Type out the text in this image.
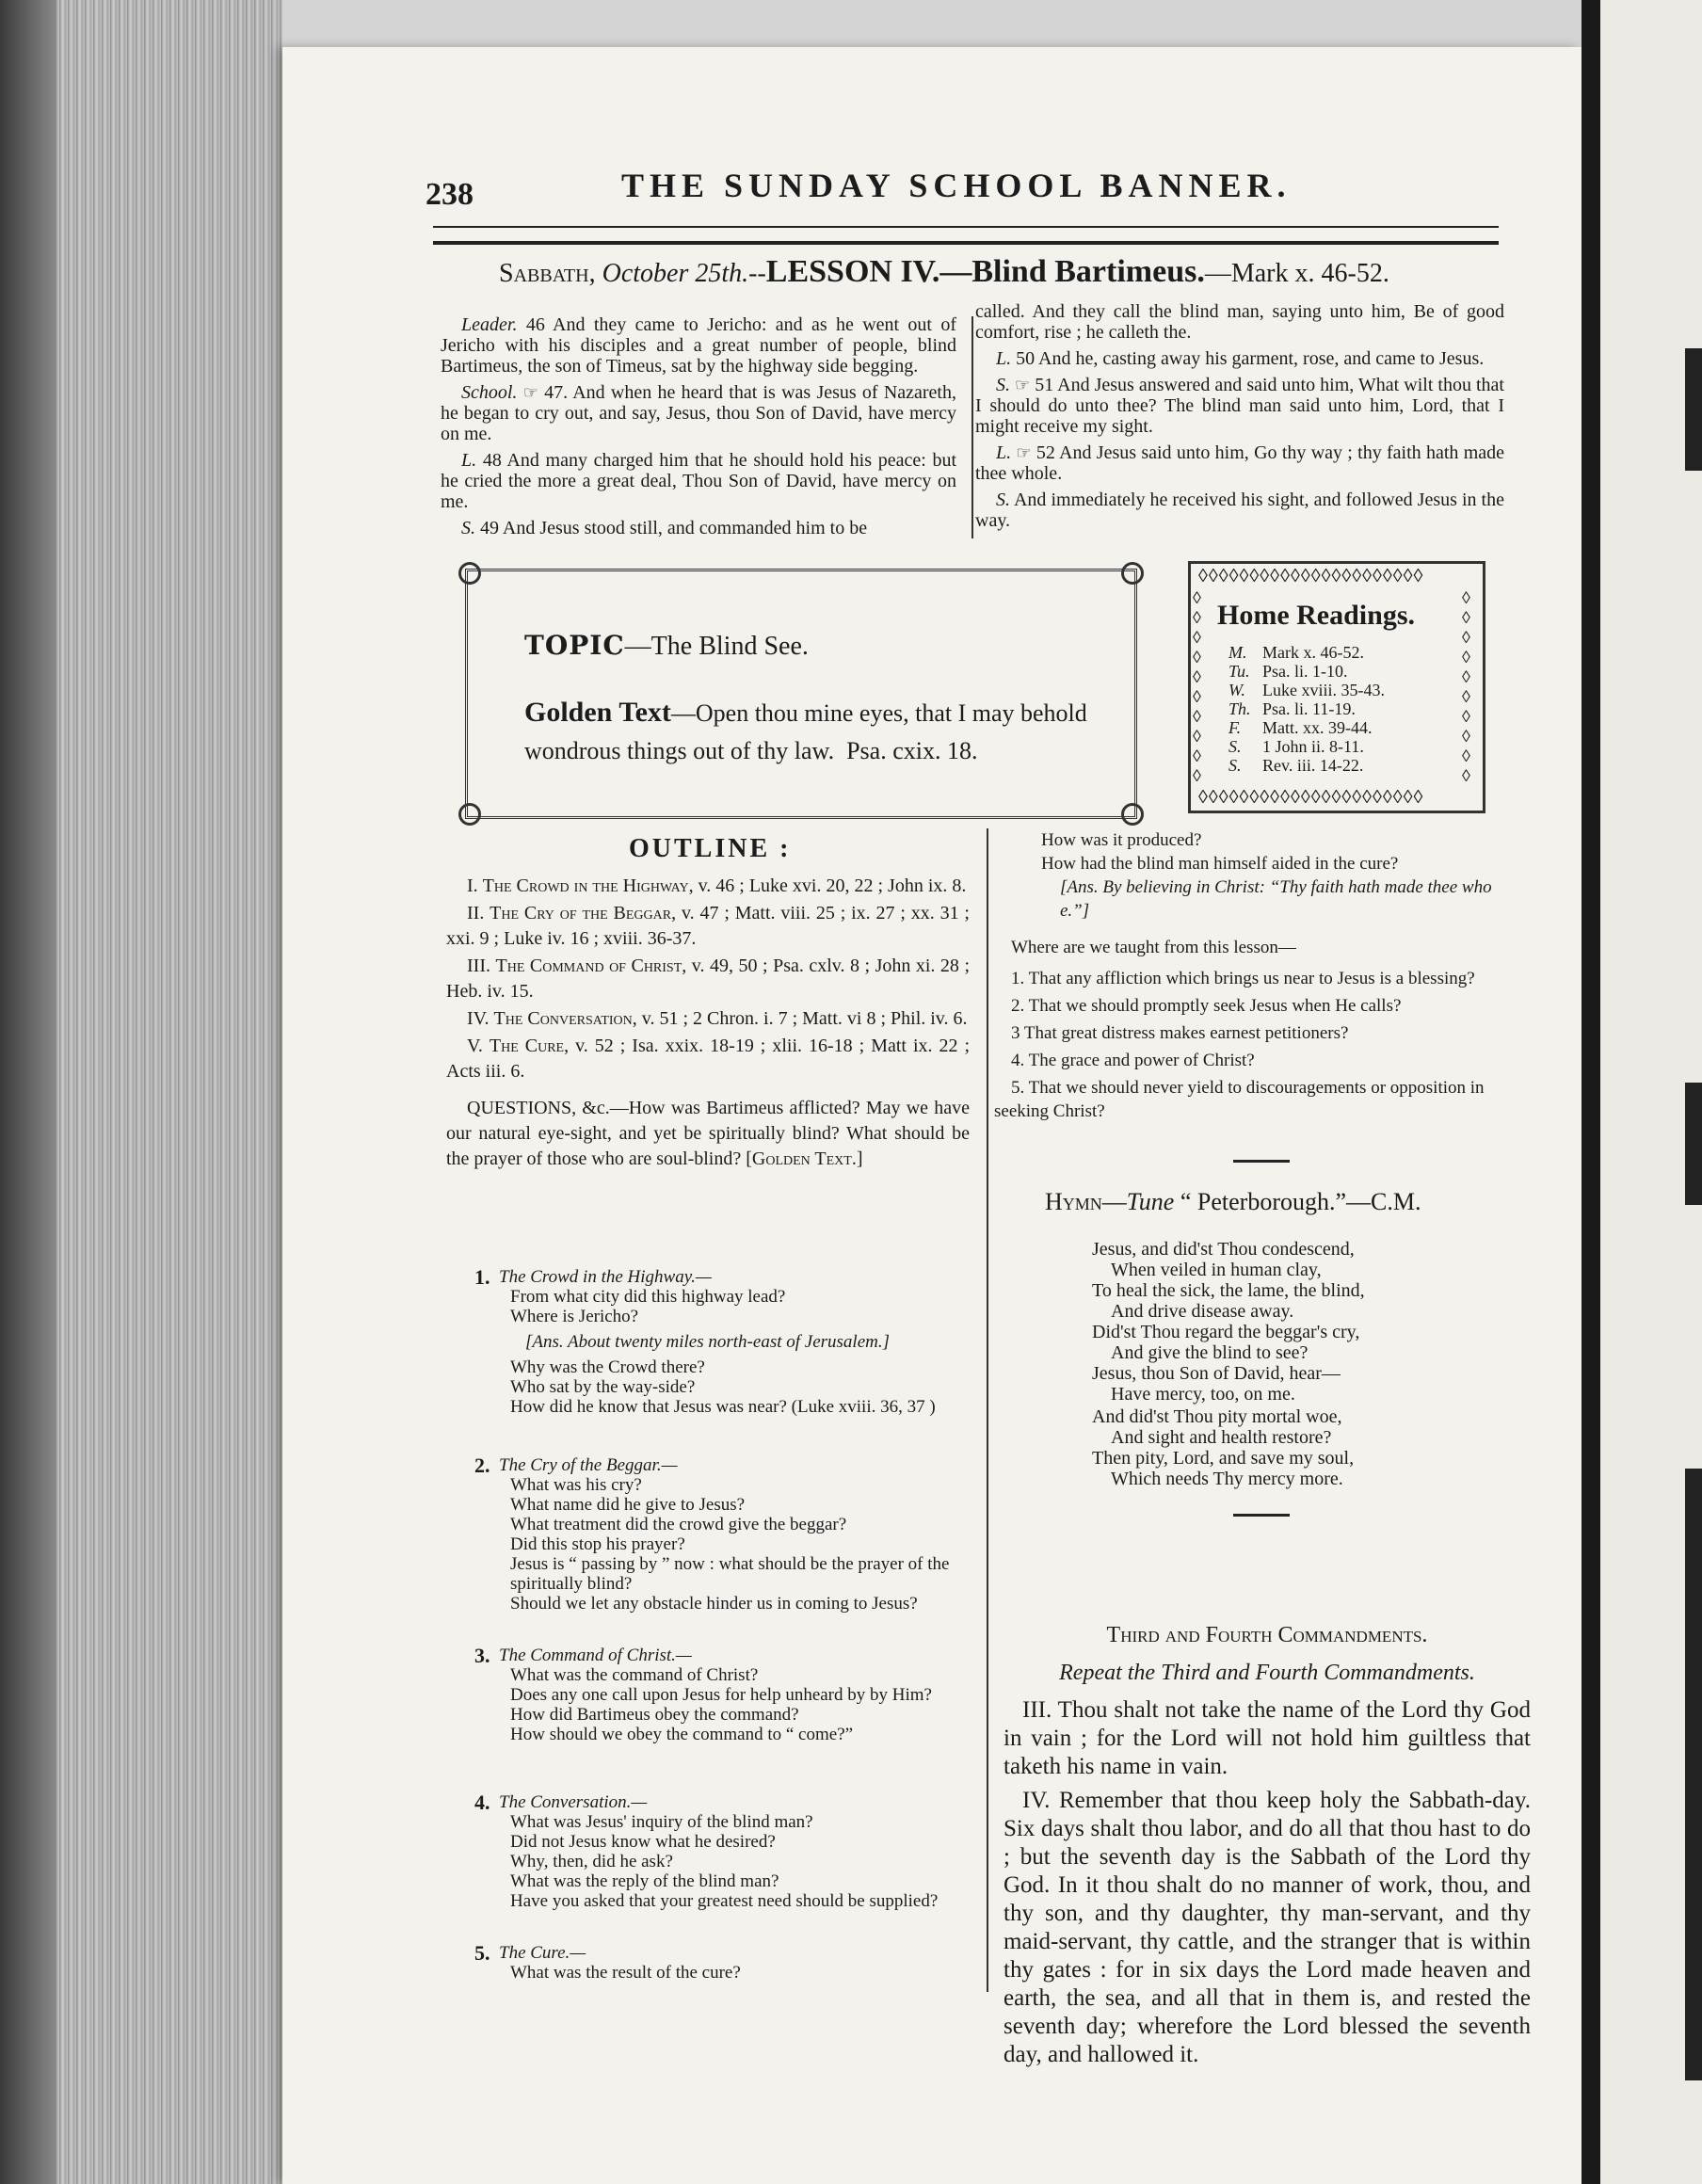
238	THE SUNDAY SCHOOL BANNER.
Sabbath, October 25th.--LESSON IV.—Blind Bartimeus.—Mark x. 46-52.

Leader. 46 And they came to Jericho: and as he went out of Jericho with his disciples and a great number of people, blind Bartimeus, the son of Timeus, sat by the highway side begging.

School. ☞ 47. And when he heard that is was Jesus of Nazareth, he began to cry out, and say, Jesus, thou Son of David, have mercy on me.

L. 48 And many charged him that he should hold his peace: but he cried the more a great deal, Thou Son of David, have mercy on me.

S. 49 And Jesus stood still, and commanded him to be

called. And they call the blind man, saying unto him, Be of good comfort, rise ; he calleth the.

L. 50 And he, casting away his garment, rose, and came to Jesus.

S. ☞ 51 And Jesus answered and said unto him, What wilt thou that I should do unto thee? The blind man said unto him, Lord, that I might receive my sight.

L. ☞ 52 And Jesus said unto him, Go thy way ; thy faith hath made thee whole.

S. And immediately he received his sight, and followed Jesus in the way.

TOPIC—The Blind See.
Golden Text—Open thou mine eyes, that I may behold wondrous things out of thy law. Psa. cxix. 18.
◊◊◊◊◊◊◊◊◊◊◊◊◊◊◊◊◊◊◊◊◊◊
◊
◊
◊
◊
◊
◊
◊
◊
◊
◊
◊
◊
◊
◊
◊
◊
◊
◊
◊
◊
Home Readings.
M. Mark x. 46-52.
Tu. Psa. li. 1-10.
W. Luke xviii. 35-43.
Th. Psa. li. 11-19.
F. Matt. xx. 39-44.
S. 1 John ii. 8-11.
S. Rev. iii. 14-22.
◊◊◊◊◊◊◊◊◊◊◊◊◊◊◊◊◊◊◊◊◊◊
OUTLINE :

I. The Crowd in the Highway, v. 46 ; Luke xvi. 20, 22 ; John ix. 8.

II. The Cry of the Beggar, v. 47 ; Matt. viii. 25 ; ix. 27 ; xx. 31 ; xxi. 9 ; Luke iv. 16 ; xviii. 36-37.

III. The Command of Christ, v. 49, 50 ; Psa. cxlv. 8 ; John xi. 28 ; Heb. iv. 15.

IV. The Conversation, v. 51 ; 2 Chron. i. 7 ; Matt. vi 8 ; Phil. iv. 6.

V. The Cure, v. 52 ; Isa. xxix. 18-19 ; xlii. 16-18 ; Matt ix. 22 ; Acts iii. 6.

QUESTIONS, &c.—How was Bartimeus afflicted? May we have our natural eye-sight, and yet be spiritually blind? What should be the prayer of those who are soul-blind? [Golden Text.]

1. The Crowd in the Highway.—
From what city did this highway lead?
Where is Jericho?
[Ans. About twenty miles north-east of Jerusalem.]
Why was the Crowd there?
Who sat by the way-side?
How did he know that Jesus was near? (Luke xviii. 36, 37 )
2. The Cry of the Beggar.—
What was his cry?
What name did he give to Jesus?
What treatment did the crowd give the beggar?
Did this stop his prayer?
Jesus is “ passing by ” now : what should be the prayer of the spiritually blind?
Should we let any obstacle hinder us in coming to Jesus?
3. The Command of Christ.—
What was the command of Christ?
Does any one call upon Jesus for help unheard by by Him?
How did Bartimeus obey the command?
How should we obey the command to “ come?”
4. The Conversation.—
What was Jesus' inquiry of the blind man?
Did not Jesus know what he desired?
Why, then, did he ask?
What was the reply of the blind man?
Have you asked that your greatest need should be supplied?
5. The Cure.—
What was the result of the cure?
How was it produced?
How had the blind man himself aided in the cure?
[Ans. By believing in Christ: “Thy faith hath made thee who e.”]
Where are we taught from this lesson—
1. That any affliction which brings us near to Jesus is a blessing?
2. That we should promptly seek Jesus when He calls?
3 That great distress makes earnest petitioners?
4. The grace and power of Christ?
5. That we should never yield to discouragements or opposition in seeking Christ?
Hymn—Tune “ Peterborough.”—C.M.
Jesus, and did'st Thou condescend,
When veiled in human clay,
To heal the sick, the lame, the blind,
And drive disease away.
Did'st Thou regard the beggar's cry,
And give the blind to see?
Jesus, thou Son of David, hear—
Have mercy, too, on me.
And did'st Thou pity mortal woe,
And sight and health restore?
Then pity, Lord, and save my soul,
Which needs Thy mercy more.

Third and Fourth Commandments.

Repeat the Third and Fourth Commandments.

III. Thou shalt not take the name of the Lord thy God in vain ; for the Lord will not hold him guiltless that taketh his name in vain.

IV. Remember that thou keep holy the Sabbath-day. Six days shalt thou labor, and do all that thou hast to do ; but the seventh day is the Sabbath of the Lord thy God. In it thou shalt do no manner of work, thou, and thy son, and thy daughter, thy man-servant, and thy maid-servant, thy cattle, and the stranger that is within thy gates : for in six days the Lord made heaven and earth, the sea, and all that in them is, and rested the seventh day; wherefore the Lord blessed the seventh day, and hallowed it.
